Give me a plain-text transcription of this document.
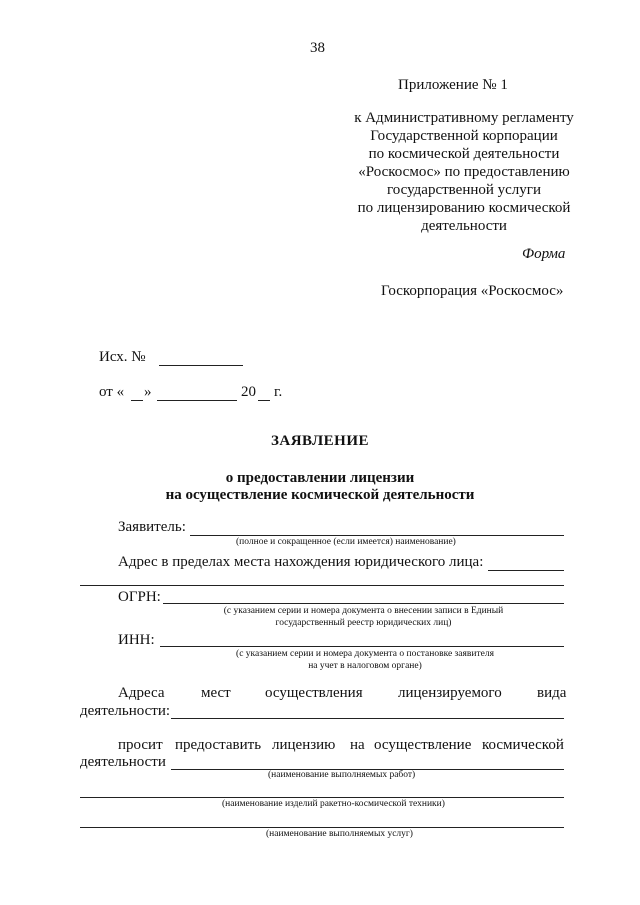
38
Приложение № 1
к Административному регламенту
Государственной корпорации
по космической деятельности
«Роскосмос» по предоставлению
государственной услуги
по лицензированию космической
деятельности
Форма
Госкорпорация «Роскосмос»
Исх. №
от « »	20 г.
ЗАЯВЛЕНИЕ
о предоставлении лицензии
на осуществление космической деятельности
Заявитель:
(полное и сокращенное (если имеется) наименование)
Адрес в пределах места нахождения юридического лица:
ОГРН:
(с указанием серии и номера документа о внесении записи в Единый
государственный реестр юридических лиц)
ИНН:
(с указанием серии и номера документа о постановке заявителя
на учет в налоговом органе)
Адреса мест осуществления лицензируемого вида
деятельности:
просит предоставить лицензию на осуществление космической
деятельности
(наименование выполняемых работ)
(наименование изделий ракетно-космической техники)
(наименование выполняемых услуг)
